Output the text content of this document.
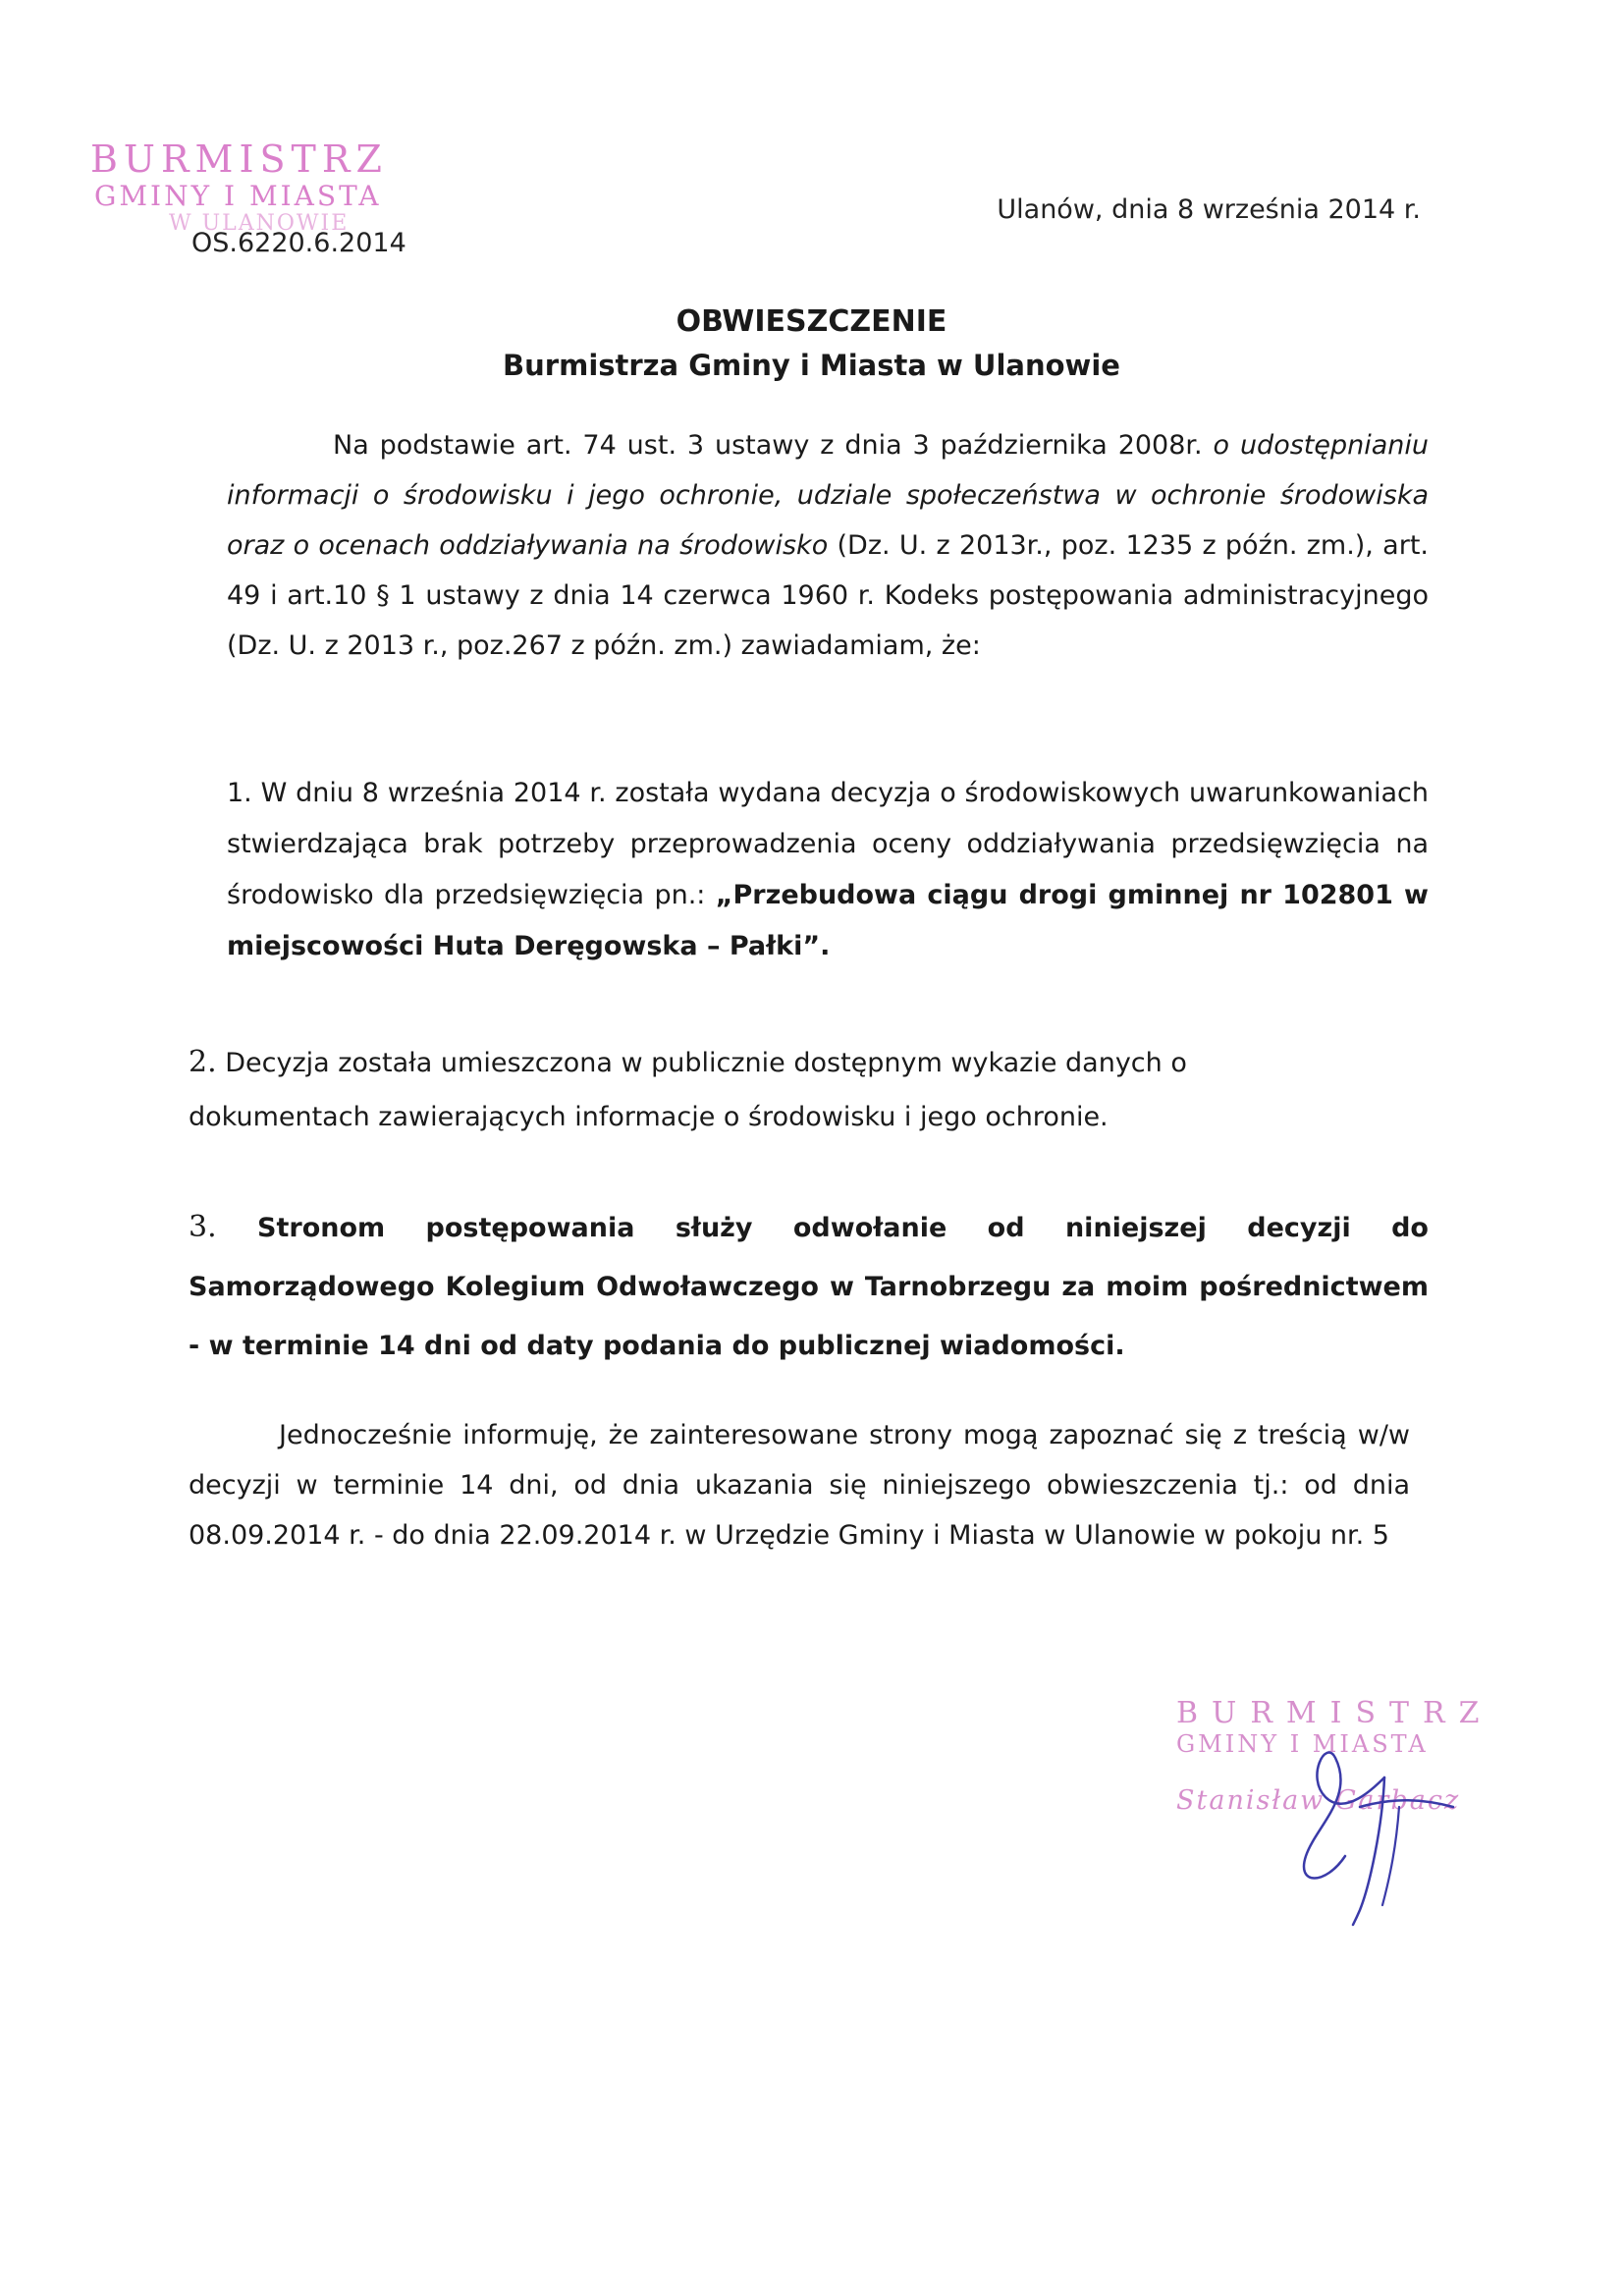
BURMISTRZ
GMINY I MIASTA
W ULANOWIE
OS.6220.6.2014
Ulanów, dnia 8 września 2014 r.
OBWIESZCZENIE
Burmistrza Gminy i Miasta w Ulanowie
Na podstawie art. 74 ust. 3 ustawy z dnia 3 października 2008r. o udostępnianiu informacji o środowisku i jego ochronie, udziale społeczeństwa w ochronie środowiska oraz o ocenach oddziaływania na środowisko (Dz. U. z 2013r., poz. 1235 z późn. zm.), art. 49 i art.10 § 1 ustawy z dnia 14 czerwca 1960 r. Kodeks postępowania administracyjnego (Dz. U. z 2013 r., poz.267 z późn. zm.) zawiadamiam, że:
1. W dniu 8 września 2014 r. została wydana decyzja o środowiskowych uwarunkowaniach stwierdzająca brak potrzeby przeprowadzenia oceny oddziaływania przedsięwzięcia na środowisko dla przedsięwzięcia pn.: „Przebudowa ciągu drogi gminnej nr 102801 w miejscowości Huta Deręgowska – Pałki”.
2. Decyzja została umieszczona w publicznie dostępnym wykazie danych o dokumentach zawierających informacje o środowisku i jego ochronie.
3. Stronom postępowania służy odwołanie od niniejszej decyzji do Samorządowego Kolegium Odwoławczego w Tarnobrzegu za moim pośrednictwem - w terminie 14 dni od daty podania do publicznej wiadomości.
Jednocześnie informuję, że zainteresowane strony mogą zapoznać się z treścią w/w decyzji w terminie 14 dni, od dnia ukazania się niniejszego obwieszczenia tj.: od dnia 08.09.2014 r. - do dnia 22.09.2014 r. w Urzędzie Gminy i Miasta w Ulanowie w pokoju nr. 5
BURMISTRZ
GMINY I MIASTA
Stanisław Garbacz
